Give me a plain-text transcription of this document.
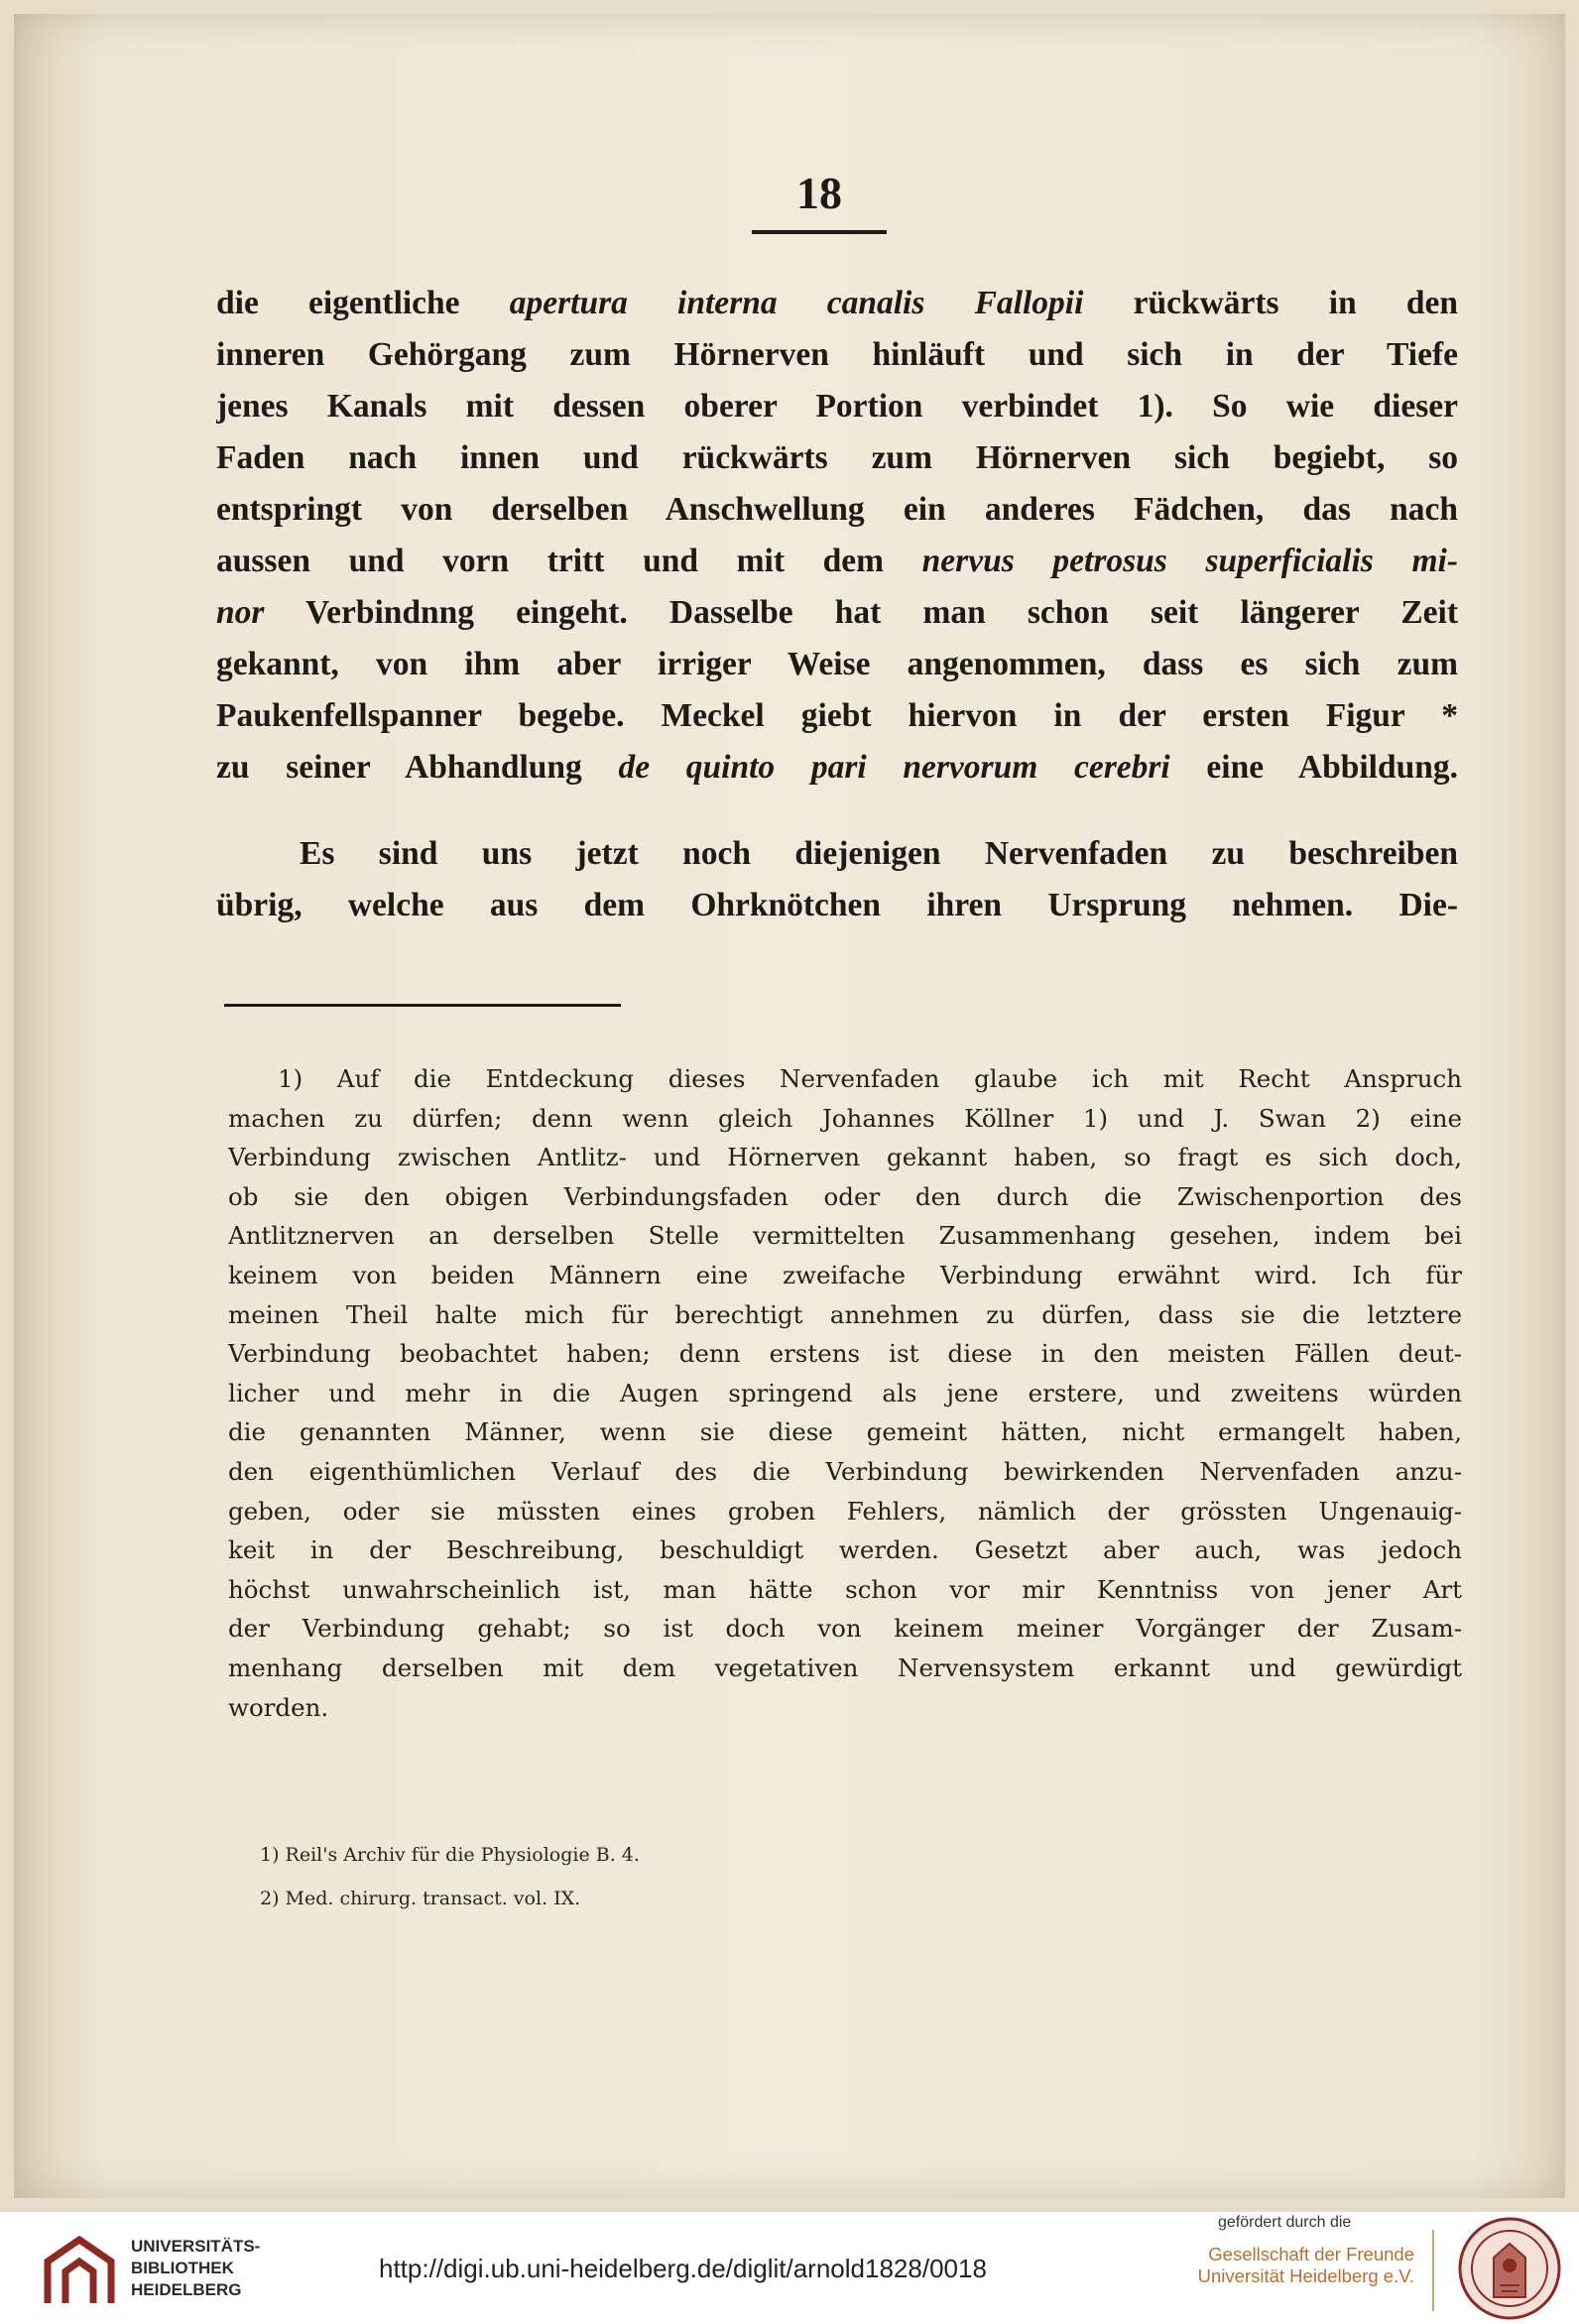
18
die eigentliche apertura interna canalis Fallopii rückwärts in den
inneren Gehörgang zum Hörnerven hinläuft und sich in der Tiefe
jenes Kanals mit dessen oberer Portion verbindet 1). So wie dieser
Faden nach innen und rückwärts zum Hörnerven sich begiebt, so
entspringt von derselben Anschwellung ein anderes Fädchen, das nach
aussen und vorn tritt und mit dem nervus petrosus superficialis mi-
nor Verbindnng eingeht. Dasselbe hat man schon seit längerer Zeit
gekannt, von ihm aber irriger Weise angenommen, dass es sich zum
Paukenfellspanner begebe. Meckel giebt hiervon in der ersten Figur *
zu seiner Abhandlung de quinto pari nervorum cerebri eine Abbildung.
Es sind uns jetzt noch diejenigen Nervenfaden zu beschreiben
übrig, welche aus dem Ohrknötchen ihren Ursprung nehmen. Die-
1) Auf die Entdeckung dieses Nervenfaden glaube ich mit Recht Anspruch
machen zu dürfen; denn wenn gleich Johannes Köllner 1) und J. Swan 2) eine
Verbindung zwischen Antlitz- und Hörnerven gekannt haben, so fragt es sich doch,
ob sie den obigen Verbindungsfaden oder den durch die Zwischenportion des
Antlitznerven an derselben Stelle vermittelten Zusammenhang gesehen, indem bei
keinem von beiden Männern eine zweifache Verbindung erwähnt wird. Ich für
meinen Theil halte mich für berechtigt annehmen zu dürfen, dass sie die letztere
Verbindung beobachtet haben; denn erstens ist diese in den meisten Fällen deut-
licher und mehr in die Augen springend als jene erstere, und zweitens würden
die genannten Männer, wenn sie diese gemeint hätten, nicht ermangelt haben,
den eigenthümlichen Verlauf des die Verbindung bewirkenden Nervenfaden anzu-
geben, oder sie müssten eines groben Fehlers, nämlich der grössten Ungenauig-
keit in der Beschreibung, beschuldigt werden. Gesetzt aber auch, was jedoch
höchst unwahrscheinlich ist, man hätte schon vor mir Kenntniss von jener Art
der Verbindung gehabt; so ist doch von keinem meiner Vorgänger der Zusam-
menhang derselben mit dem vegetativen Nervensystem erkannt und gewürdigt
worden.
1) Reil's Archiv für die Physiologie B. 4.
2) Med. chirurg. transact. vol. IX.
UNIVERSITÄTS-
BIBLIOTHEK
HEIDELBERG
http://digi.ub.uni-heidelberg.de/diglit/arnold1828/0018
gefördert durch die
Gesellschaft der Freunde
Universität Heidelberg e.V.
